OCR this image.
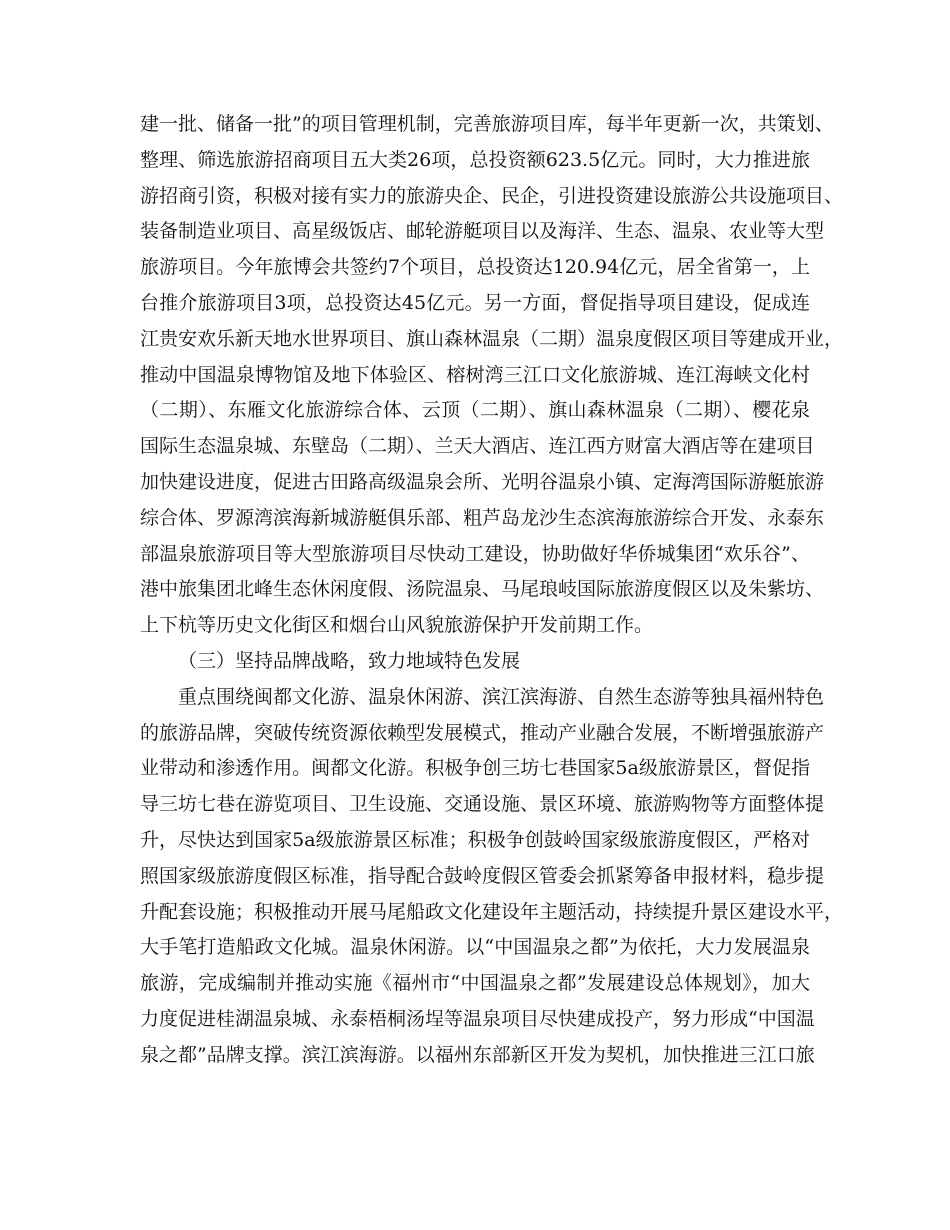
建一批、储备一批”的项目管理机制，完善旅游项目库，每半年更新一次，共策划、
整理、筛选旅游招商项目五大类26项，总投资额623.5亿元。同时，大力推进旅
游招商引资，积极对接有实力的旅游央企、民企，引进投资建设旅游公共设施项目、
装备制造业项目、高星级饭店、邮轮游艇项目以及海洋、生态、温泉、农业等大型
旅游项目。今年旅博会共签约7个项目，总投资达120.94亿元，居全省第一，上
台推介旅游项目3项，总投资达45亿元。另一方面，督促指导项目建设，促成连
江贵安欢乐新天地水世界项目、旗山森林温泉（二期）温泉度假区项目等建成开业，
推动中国温泉博物馆及地下体验区、榕树湾三江口文化旅游城、连江海峡文化村
（二期）、东雁文化旅游综合体、云顶（二期）、旗山森林温泉（二期）、樱花泉
国际生态温泉城、东壁岛（二期）、兰天大酒店、连江西方财富大酒店等在建项目
加快建设进度，促进古田路高级温泉会所、光明谷温泉小镇、定海湾国际游艇旅游
综合体、罗源湾滨海新城游艇俱乐部、粗芦岛龙沙生态滨海旅游综合开发、永泰东
部温泉旅游项目等大型旅游项目尽快动工建设，协助做好华侨城集团“欢乐谷”、
港中旅集团北峰生态休闲度假、汤院温泉、马尾琅岐国际旅游度假区以及朱紫坊、
上下杭等历史文化街区和烟台山风貌旅游保护开发前期工作。
（三）坚持品牌战略，致力地域特色发展
重点围绕闽都文化游、温泉休闲游、滨江滨海游、自然生态游等独具福州特色
的旅游品牌，突破传统资源依赖型发展模式，推动产业融合发展，不断增强旅游产
业带动和渗透作用。闽都文化游。积极争创三坊七巷国家5a级旅游景区，督促指
导三坊七巷在游览项目、卫生设施、交通设施、景区环境、旅游购物等方面整体提
升，尽快达到国家5a级旅游景区标准；积极争创鼓岭国家级旅游度假区，严格对
照国家级旅游度假区标准，指导配合鼓岭度假区管委会抓紧筹备申报材料，稳步提
升配套设施；积极推动开展马尾船政文化建设年主题活动，持续提升景区建设水平，
大手笔打造船政文化城。温泉休闲游。以“中国温泉之都”为依托，大力发展温泉
旅游，完成编制并推动实施《福州市“中国温泉之都”发展建设总体规划》，加大
力度促进桂湖温泉城、永泰梧桐汤埕等温泉项目尽快建成投产，努力形成“中国温
泉之都”品牌支撑。滨江滨海游。以福州东部新区开发为契机，加快推进三江口旅
